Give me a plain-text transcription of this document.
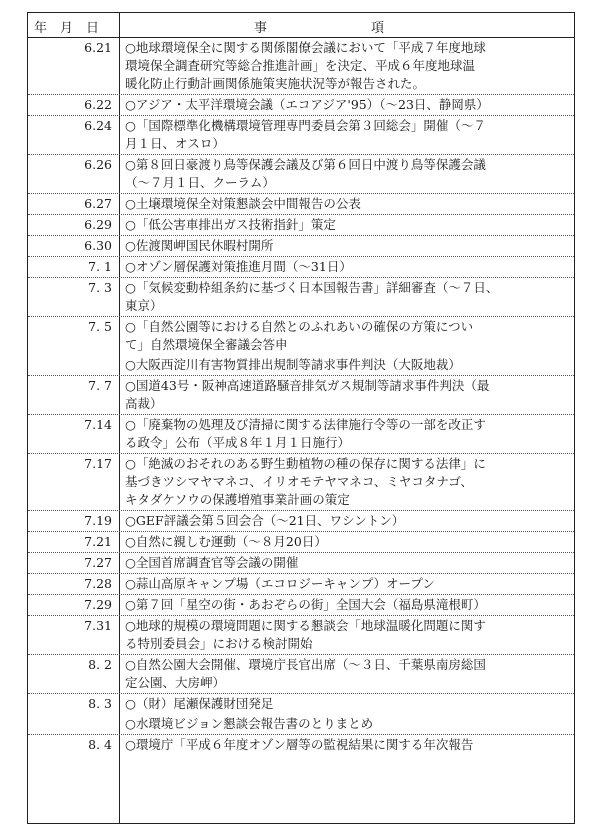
年　月　日	事　　　　　　　　項
6.21	○地球環境保全に関する関係閣僚会議において「平成７年度地球
環境保全調査研究等総合推進計画」を決定、平成６年度地球温
暖化防止行動計画関係施策実施状況等が報告された。
6.22	○アジア・太平洋環境会議（エコアジア'95）（～23日、静岡県）
6.24	○「国際標準化機構環境管理専門委員会第３回総会」開催（～７
月１日、オスロ）
6.26	○第８回日豪渡り鳥等保護会議及び第６回日中渡り鳥等保護会議
（～７月１日、クーラム）
6.27	○土壌環境保全対策懇談会中間報告の公表
6.29	○「低公害車排出ガス技術指針」策定
6.30	○佐渡関岬国民休暇村開所
7. 1	○オゾン層保護対策推進月間（～31日）
7. 3	○「気候変動枠組条約に基づく日本国報告書」詳細審査（～７日、
東京）
7. 5	○「自然公園等における自然とのふれあいの確保の方策につい
て」自然環境保全審議会答申
○大阪西淀川有害物質排出規制等請求事件判決（大阪地裁）
7. 7	○国道43号・阪神高速道路騒音排気ガス規制等請求事件判決（最
高裁）
7.14	○「廃棄物の処理及び清掃に関する法律施行令等の一部を改正す
る政令」公布（平成８年１月１日施行）
7.17	○「絶滅のおそれのある野生動植物の種の保存に関する法律」に
基づきツシマヤマネコ、イリオモテヤマネコ、ミヤコタナゴ、
キタダケソウの保護増殖事業計画の策定
7.19	○GEF評議会第５回会合（～21日、ワシントン）
7.21	○自然に親しむ運動（～８月20日）
7.27	○全国首席調査官等会議の開催
7.28	○蒜山高原キャンプ場（エコロジーキャンプ）オープン
7.29	○第７回「星空の街・あおぞらの街」全国大会（福島県滝根町）
7.31	○地球的規模の環境問題に関する懇談会「地球温暖化問題に関す
る特別委員会」における検討開始
8. 2	○自然公園大会開催、環境庁長官出席（～３日、千葉県南房総国
定公園、大房岬）
8. 3	○（財）尾瀬保護財団発足
○水環境ビジョン懇談会報告書のとりまとめ
8. 4	○環境庁「平成６年度オゾン層等の監視結果に関する年次報告
